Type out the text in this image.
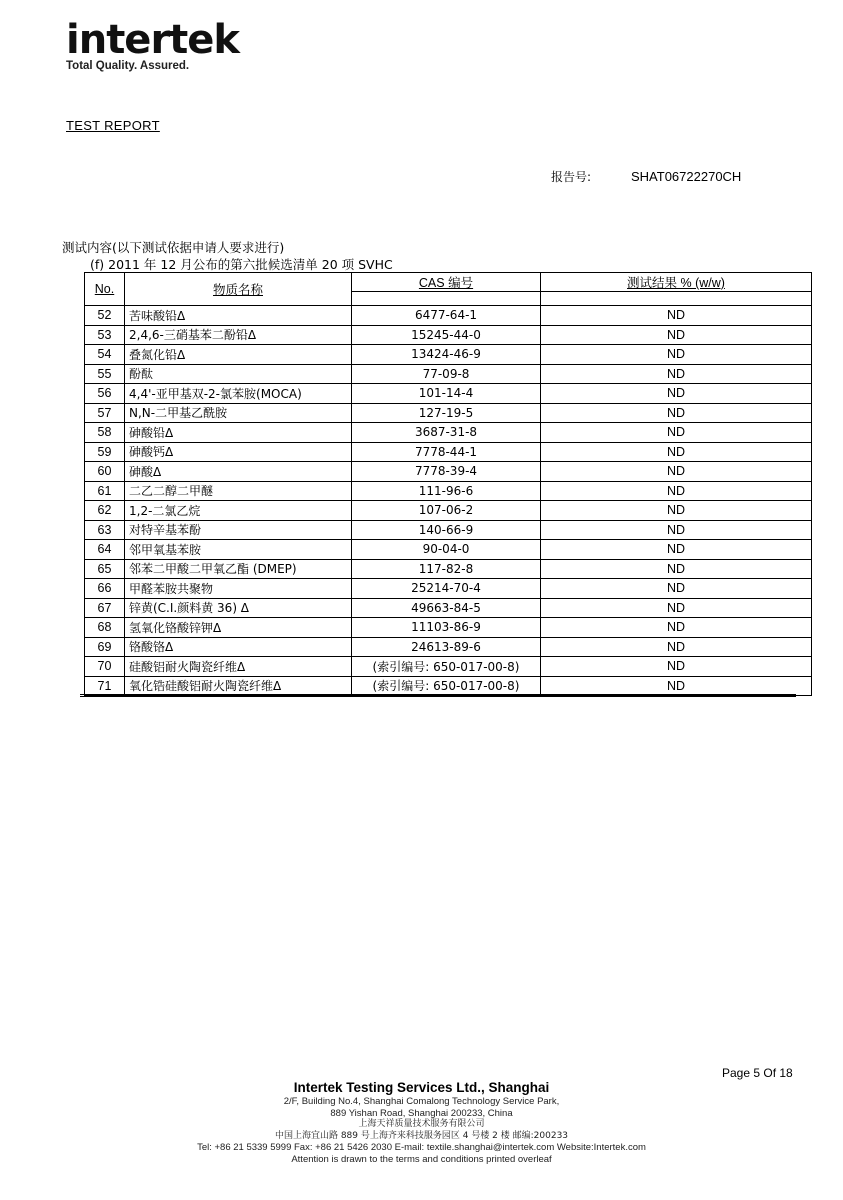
intertek
Total Quality. Assured.
TEST REPORT
报告号:	SHAT06722270CH
测试内容(以下测试依据申请人要求进行)
(f) 2011 年 12 月公布的第六批候选清单 20 项 SVHC
No.	物质名称	CAS 编号	测试结果 % (w/w)

52	苦味酸铅Δ	6477-64-1	ND
53	2,4,6-三硝基苯二酚铅Δ	15245-44-0	ND
54	叠氮化铅Δ	13424-46-9	ND
55	酚酞	77-09-8	ND
56	4,4'-亚甲基双-2-氯苯胺(MOCA)	101-14-4	ND
57	N,N-二甲基乙酰胺	127-19-5	ND
58	砷酸铅Δ	3687-31-8	ND
59	砷酸钙Δ	7778-44-1	ND
60	砷酸Δ	7778-39-4	ND
61	二乙二醇二甲醚	111-96-6	ND
62	1,2-二氯乙烷	107-06-2	ND
63	对特辛基苯酚	140-66-9	ND
64	邻甲氧基苯胺	90-04-0	ND
65	邻苯二甲酸二甲氧乙酯 (DMEP)	117-82-8	ND
66	甲醛苯胺共聚物	25214-70-4	ND
67	锌黄(C.I.颜料黄 36) Δ	49663-84-5	ND
68	氢氧化铬酸锌钾Δ	11103-86-9	ND
69	铬酸铬Δ	24613-89-6	ND
70	硅酸铝耐火陶瓷纤维Δ	(索引编号: 650-017-00-8)	ND
71	氧化锆硅酸铝耐火陶瓷纤维Δ	(索引编号: 650-017-00-8)	ND
Page 5 Of 18
Intertek Testing Services Ltd., Shanghai
2/F, Building No.4, Shanghai Comalong Technology Service Park,
889 Yishan Road, Shanghai 200233, China
上海天祥质量技术服务有限公司
中国上海宜山路 889 号上海齐来科技服务园区 4 号楼 2 楼 邮编:200233
Tel: +86 21 5339 5999 Fax: +86 21 5426 2030 E-mail: textile.shanghai@intertek.com Website:Intertek.com
Attention is drawn to the terms and conditions printed overleaf
